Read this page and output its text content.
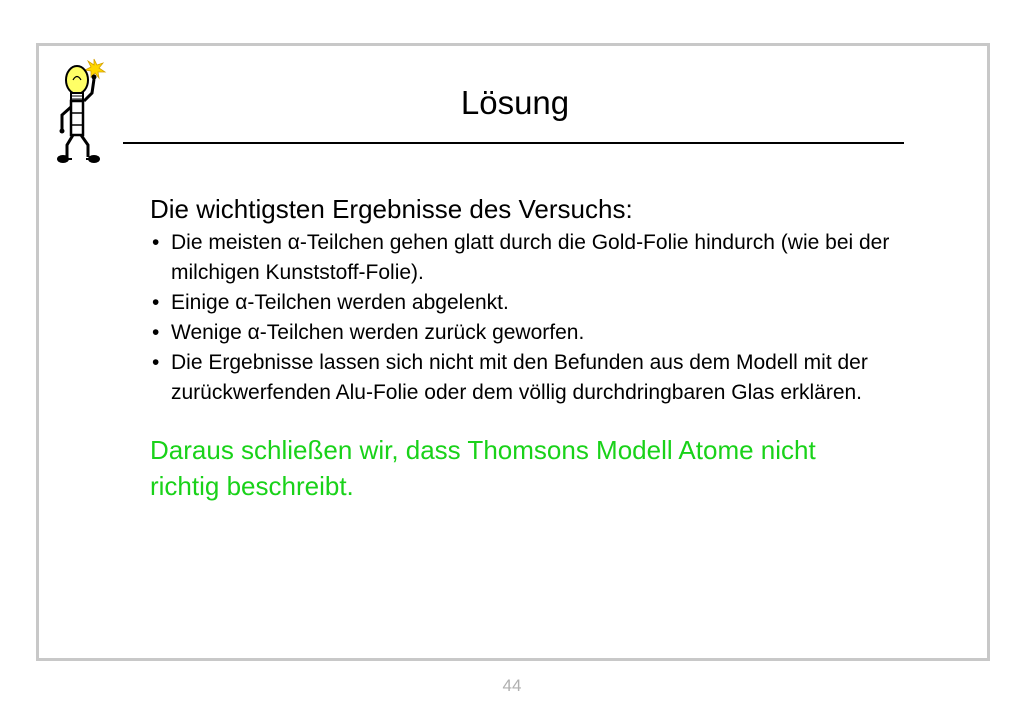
Lösung
Die wichtigsten Ergebnisse des Versuchs:
• Die meisten α-Teilchen gehen glatt durch die Gold-Folie hindurch (wie bei der milchigen Kunststoff-Folie).
• Einige α-Teilchen werden abgelenkt.
• Wenige α-Teilchen werden zurück geworfen.
• Die Ergebnisse lassen sich nicht mit den Befunden aus dem Modell mit der zurückwerfenden Alu-Folie oder dem völlig durchdringbaren Glas erklären.
Daraus schließen wir, dass Thomsons Modell Atome nicht richtig beschreibt.
44
